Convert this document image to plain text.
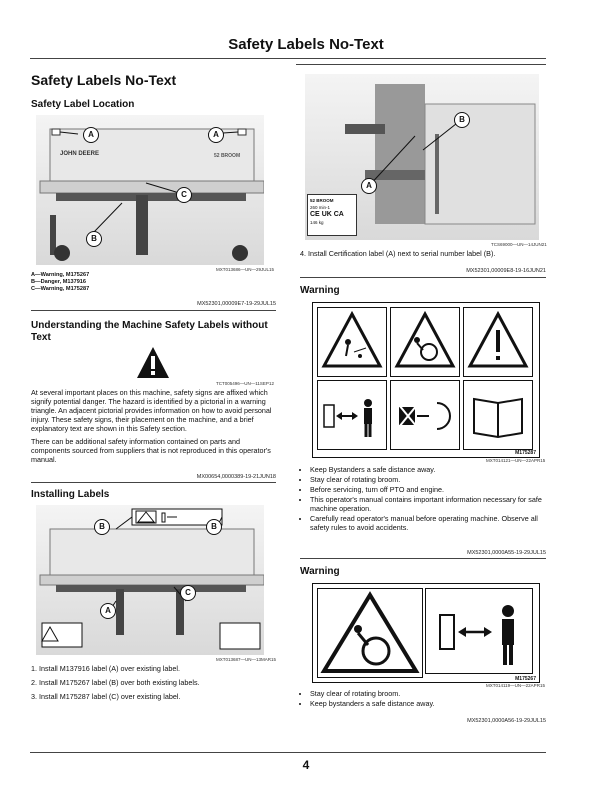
Safety Labels No-Text
Safety Labels No-Text
Safety Label Location
JOHN DEERE	52 BROOM
A	A
B
C
MXT013686—UN—29JUL15
A—Warning, M175267
B—Danger, M137916
C—Warning, M175287
MX52301,00009E7-19-29JUL15
Understanding the Machine Safety Labels without Text
TCT005496—UN—11SEP12
At several important places on this machine, safety signs are affixed which signify potential danger. The hazard is identified by a pictorial in a warning triangle. An adjacent pictorial provides information on how to avoid personal injury. These safety signs, their placement on the machine, and a brief explanatory text are shown in this Safety section.
There can be additional safety information contained on parts and components sourced from suppliers that is not reproduced in this operator's manual.
MX00654,0000389-19-21JUN18
Installing Labels
B	B
A
C
MXT013687—UN—13MAR15
1. Install M137916 label (A) over existing label.
2. Install M175267 label (B) over both existing labels.
3. Install M175287 label (C) over existing label.
B
A
52 BROOM
260 min-1
CE UK CA
146 kg
TCS69000—UN—14JUN21
4. Install Certification label (A) next to serial number label (B).
MX52301,00009E8-19-16JUN21
Warning
M175287
MXT014121—UN—22APR15
• Keep Bystanders a safe distance away.
• Stay clear of rotating broom.
• Before servicing, turn off PTO and engine.
• This operator's manual contains important information necessary for safe machine operation.
• Carefully read operator's manual before operating machine. Observe all safety rules to avoid accidents.
MX52301,0000A55-19-29JUL15
Warning
M175267
MXT014119—UN—22APR15
• Stay clear of rotating broom.
• Keep bystanders a safe distance away.
MX52301,0000A56-19-29JUL15
4
